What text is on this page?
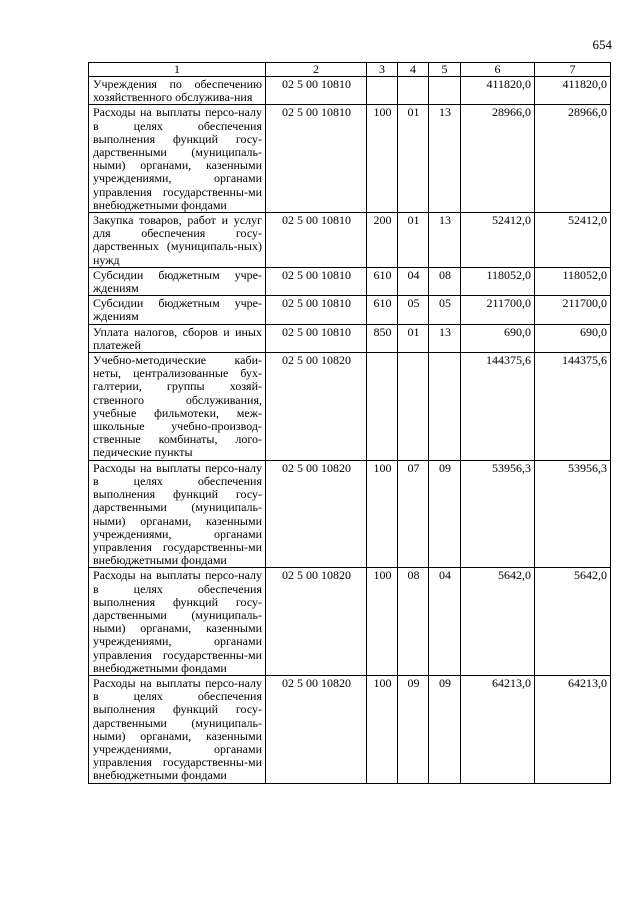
654
1	2	3	4	5	6	7
Учреждения по обеспечению хозяйственного обслужива-ния	02 5 00 10810				411820,0	411820,0
Расходы на выплаты персо-налу в целях обеспечения выполнения функций госу-дарственными (муниципаль-ными) органами, казенными учреждениями, органами управления государственны-ми внебюджетными фондами	02 5 00 10810	100	01	13	28966,0	28966,0
Закупка товаров, работ и услуг для обеспечения госу-дарственных (муниципаль-ных) нужд	02 5 00 10810	200	01	13	52412,0	52412,0
Субсидии бюджетным учре-ждениям	02 5 00 10810	610	04	08	118052,0	118052,0
Субсидии бюджетным учре-ждениям	02 5 00 10810	610	05	05	211700,0	211700,0
Уплата налогов, сборов и иных платежей	02 5 00 10810	850	01	13	690,0	690,0
Учебно-методические каби-неты, централизованные бух-галтерии, группы хозяй-ственного обслуживания, учебные фильмотеки, меж-школьные учебно-производ-ственные комбинаты, лого-педические пункты	02 5 00 10820				144375,6	144375,6
Расходы на выплаты персо-налу в целях обеспечения выполнения функций госу-дарственными (муниципаль-ными) органами, казенными учреждениями, органами управления государственны-ми внебюджетными фондами	02 5 00 10820	100	07	09	53956,3	53956,3
Расходы на выплаты персо-налу в целях обеспечения выполнения функций госу-дарственными (муниципаль-ными) органами, казенными учреждениями, органами управления государственны-ми внебюджетными фондами	02 5 00 10820	100	08	04	5642,0	5642,0
Расходы на выплаты персо-налу в целях обеспечения выполнения функций госу-дарственными (муниципаль-ными) органами, казенными учреждениями, органами управления государственны-ми внебюджетными фондами	02 5 00 10820	100	09	09	64213,0	64213,0
